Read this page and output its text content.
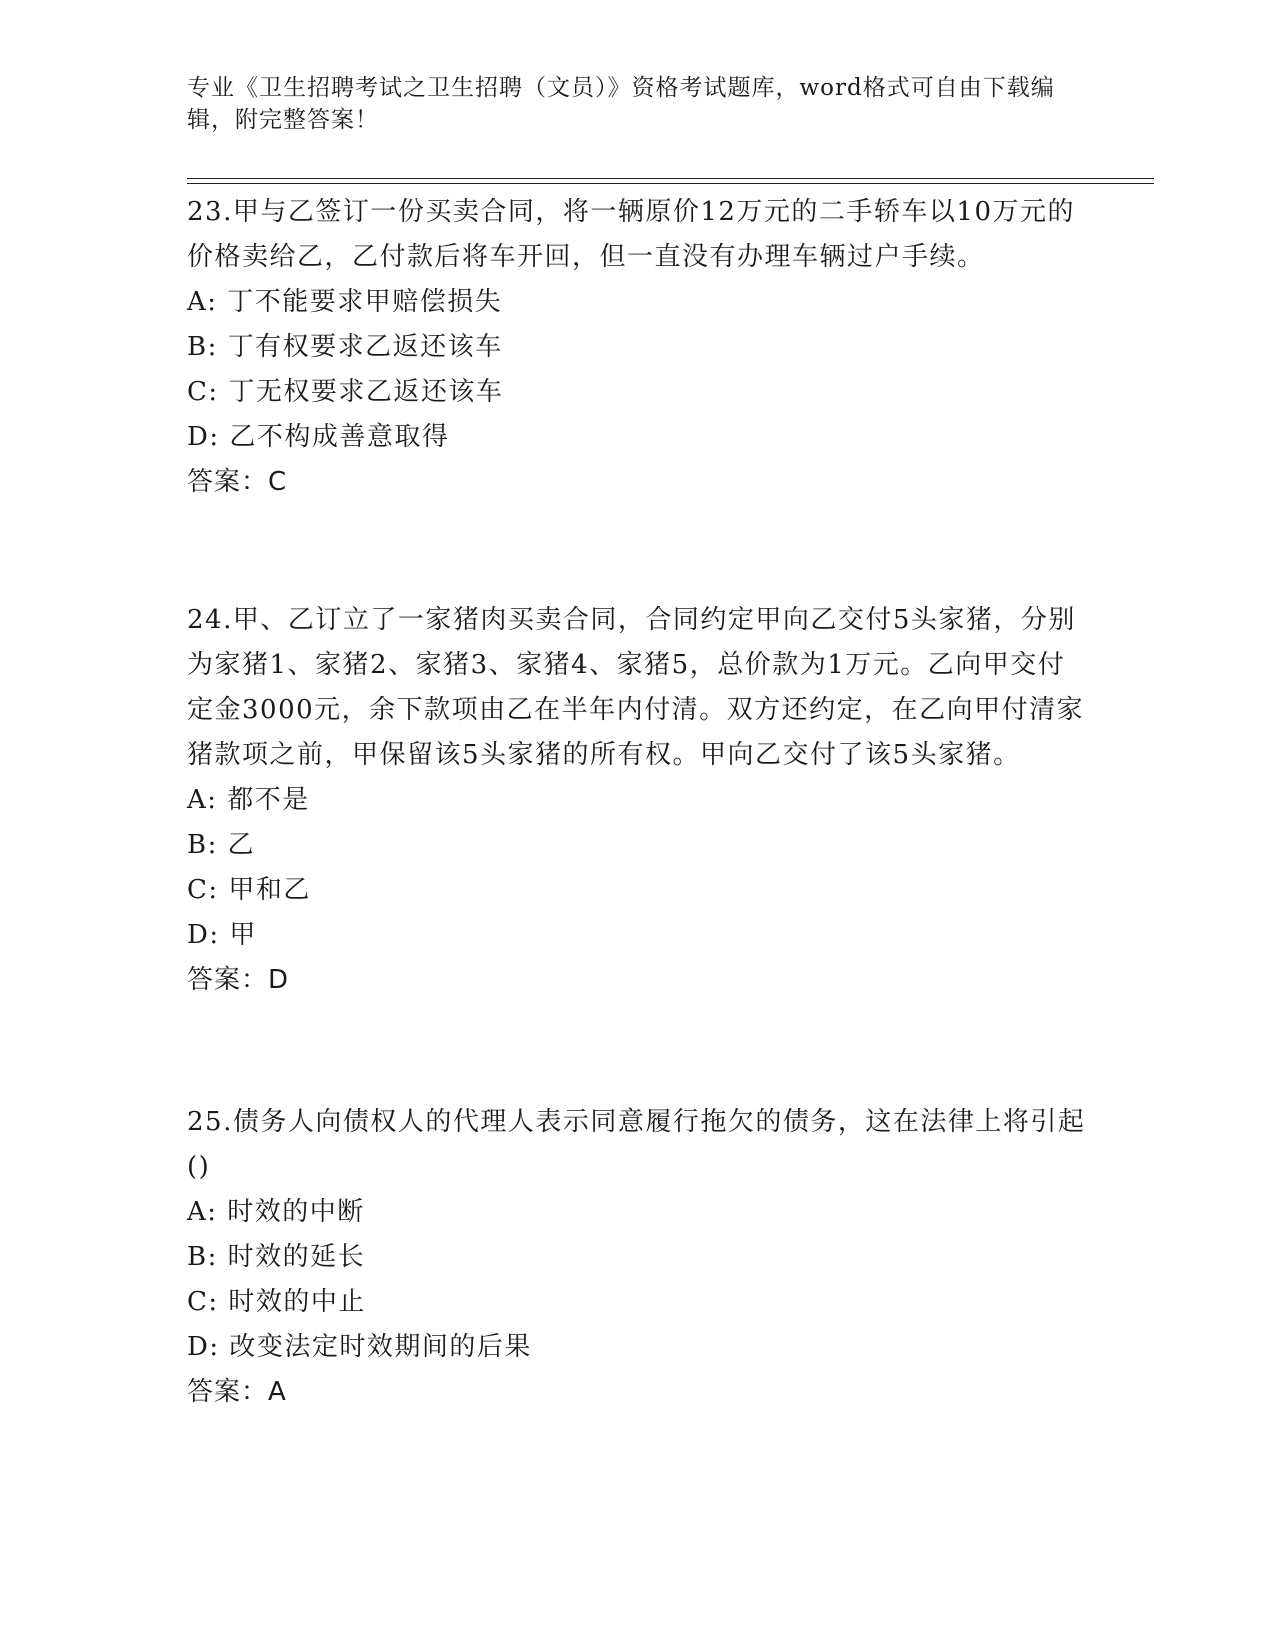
专业《卫生招聘考试之卫生招聘（文员）》资格考试题库，word格式可自由下载编辑，附完整答案！
23.甲与乙签订一份买卖合同，将一辆原价12万元的二手轿车以10万元的价格卖给乙，乙付款后将车开回，但一直没有办理车辆过户手续。
A: 丁不能要求甲赔偿损失
B: 丁有权要求乙返还该车
C: 丁无权要求乙返还该车
D: 乙不构成善意取得
答案：C
24.甲、乙订立了一家猪肉买卖合同，合同约定甲向乙交付5头家猪，分别为家猪1、家猪2、家猪3、家猪4、家猪5，总价款为1万元。乙向甲交付定金3000元，余下款项由乙在半年内付清。双方还约定，在乙向甲付清家猪款项之前，甲保留该5头家猪的所有权。甲向乙交付了该5头家猪。
A: 都不是
B: 乙
C: 甲和乙
D: 甲
答案：D
25.债务人向债权人的代理人表示同意履行拖欠的债务，这在法律上将引起()
A: 时效的中断
B: 时效的延长
C: 时效的中止
D: 改变法定时效期间的后果
答案：A
